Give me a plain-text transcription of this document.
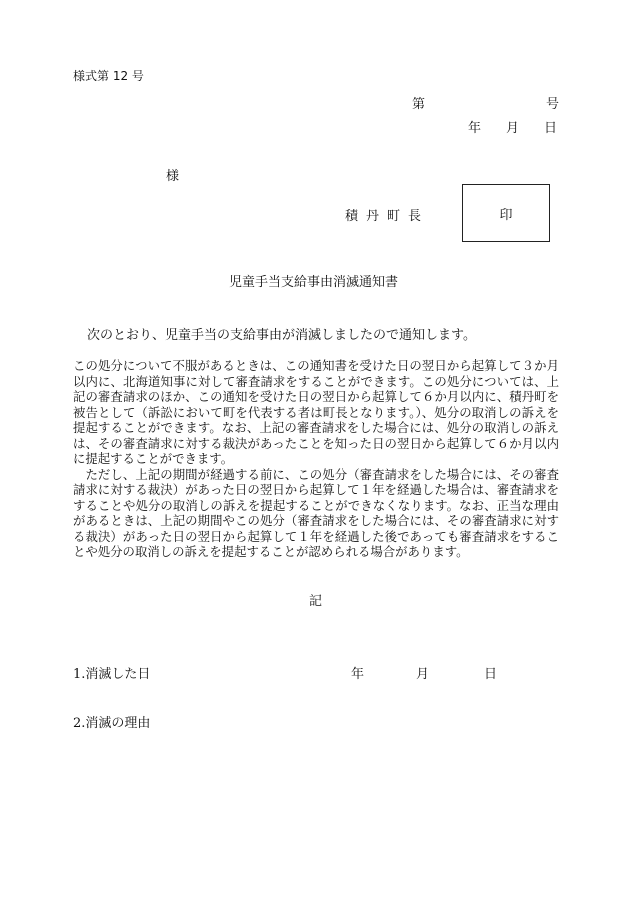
様式第 12 号
第	号
年 月 日
様
積丹町長	印
児童手当支給事由消滅通知書
次のとおり、児童手当の支給事由が消滅しましたので通知します。

この処分について不服があるときは、この通知書を受けた日の翌日から起算して３か月以内に、北海道知事に対して審査請求をすることができます。この処分については、上記の審査請求のほか、この通知を受けた日の翌日から起算して６か月以内に、積丹町を被告として（訴訟において町を代表する者は町長となります。）、処分の取消しの訴えを提起することができます。なお、上記の審査請求をした場合には、処分の取消しの訴えは、その審査請求に対する裁決があったことを知った日の翌日から起算して６か月以内に提起することができます。

　ただし、上記の期間が経過する前に、この処分（審査請求をした場合には、その審査請求に対する裁決）があった日の翌日から起算して１年を経過した場合は、審査請求をすることや処分の取消しの訴えを提起することができなくなります。なお、正当な理由があるときは、上記の期間やこの処分（審査請求をした場合には、その審査請求に対する裁決）があった日の翌日から起算して１年を経過した後であっても審査請求をすることや処分の取消しの訴えを提起することが認められる場合があります。

記
1.消滅した日	年	月	日
2.消滅の理由
